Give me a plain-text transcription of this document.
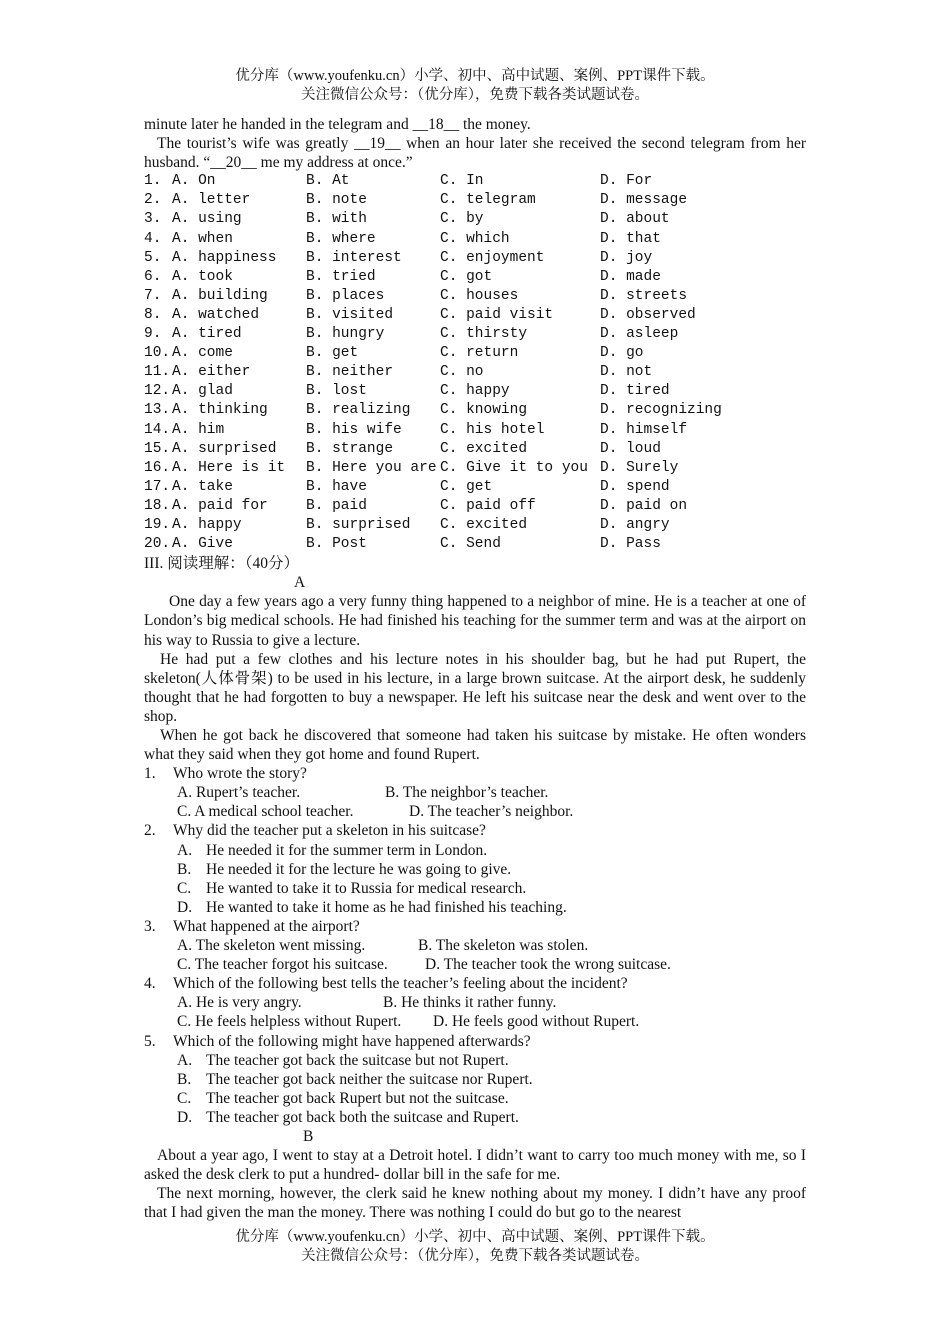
优分库（www.youfenku.cn）小学、初中、高中试题、案例、PPT课件下载。
关注微信公众号：（优分库），免费下载各类试题试卷。

minute later he handed in the telegram and __18__ the money.

The tourist’s wife was greatly __19__ when an hour later she received the second telegram from her husband. “__20__ me my address at once.”

1. A. On	B. At	C. In	D. For
2. A. letter	B. note	C. telegram	D. message
3. A. using	B. with	C. by	D. about
4. A. when	B. where	C. which	D. that
5. A. happiness	B. interest	C. enjoyment	D. joy
6. A. took	B. tried	C. got	D. made
7. A. building	B. places	C. houses	D. streets
8. A. watched	B. visited	C. paid visit	D. observed
9. A. tired	B. hungry	C. thirsty	D. asleep
10. A. come	B. get	C. return	D. go
11. A. either	B. neither	C. no	D. not
12. A. glad	B. lost	C. happy	D. tired
13. A. thinking	B. realizing	C. knowing	D. recognizing
14. A. him	B. his wife	C. his hotel	D. himself
15. A. surprised	B. strange	C. excited	D. loud
16. A. Here is it	B. Here you are C. Give it to you D. Surely
17. A. take	B. have	C. get	D. spend
18. A. paid for	B. paid	C. paid off	D. paid on
19. A. happy	B. surprised	C. excited	D. angry
20. A. Give	B. Post	C. Send	D. Pass

III. 阅读理解：（40分）

A

One day a few years ago a very funny thing happened to a neighbor of mine. He is a teacher at one of London’s big medical schools. He had finished his teaching for the summer term and was at the airport on his way to Russia to give a lecture.

He had put a few clothes and his lecture notes in his shoulder bag, but he had put Rupert, the skeleton(人体骨架) to be used in his lecture, in a large brown suitcase. At the airport desk, he suddenly thought that he had forgotten to buy a newspaper. He left his suitcase near the desk and went over to the shop.

When he got back he discovered that someone had taken his suitcase by mistake. He often wonders what they said when they got home and found Rupert.

1.	Who wrote the story?
A. Rupert’s teacher.	B. The neighbor’s teacher.
C. A medical school teacher.	D. The teacher’s neighbor.
2.	Why did the teacher put a skeleton in his suitcase?
A. He needed it for the summer term in London.
B. He needed it for the lecture he was going to give.
C. He wanted to take it to Russia for medical research.
D. He wanted to take it home as he had finished his teaching.
3.	What happened at the airport?
A. The skeleton went missing.	B. The skeleton was stolen.
C. The teacher forgot his suitcase.	D. The teacher took the wrong suitcase.
4.	Which of the following best tells the teacher’s feeling about the incident?
A. He is very angry.	B. He thinks it rather funny.
C. He feels helpless without Rupert.	D. He feels good without Rupert.
5.	Which of the following might have happened afterwards?
A. The teacher got back the suitcase but not Rupert.
B. The teacher got back neither the suitcase nor Rupert.
C. The teacher got back Rupert but not the suitcase.
D. The teacher got back both the suitcase and Rupert.

B

About a year ago, I went to stay at a Detroit hotel. I didn’t want to carry too much money with me, so I asked the desk clerk to put a hundred- dollar bill in the safe for me.

The next morning, however, the clerk said he knew nothing about my money. I didn’t have any proof that I had given the man the money. There was nothing I could do but go to the nearest

优分库（www.youfenku.cn）小学、初中、高中试题、案例、PPT课件下载。
关注微信公众号：（优分库），免费下载各类试题试卷。
